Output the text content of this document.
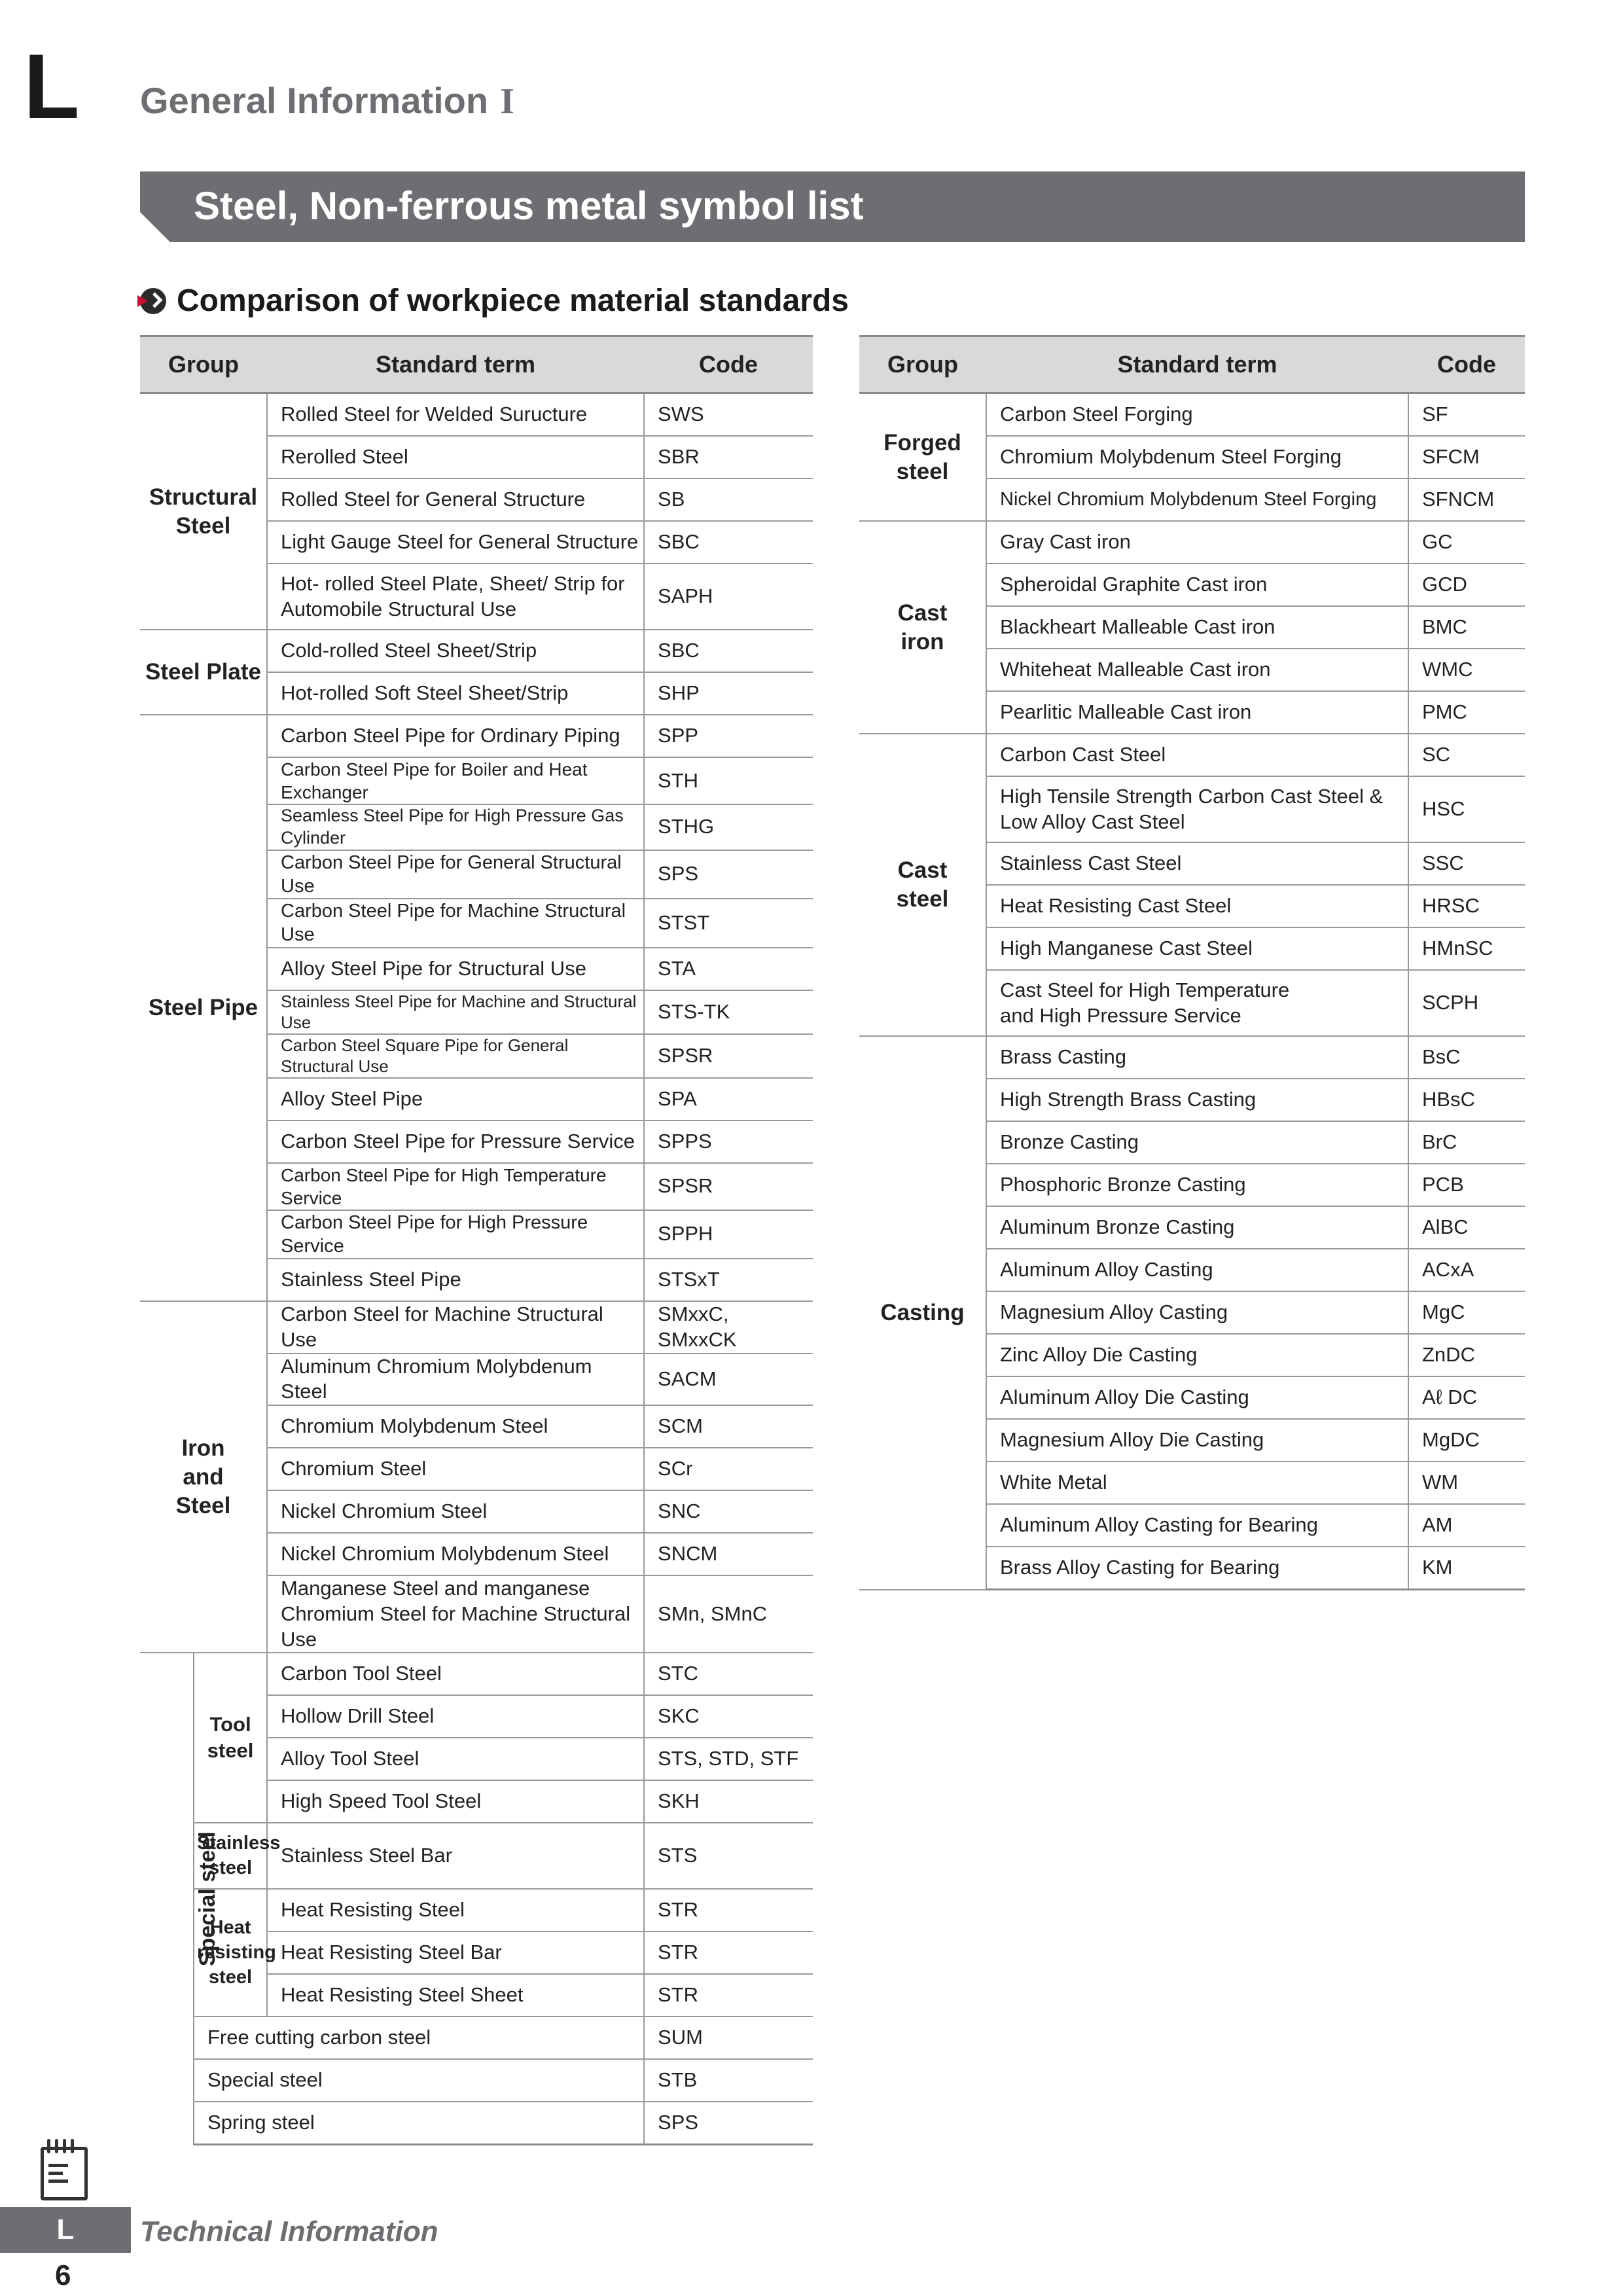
L General Information I
Steel, Non-ferrous metal symbol list
Comparison of workpiece material standards
Group		Standard term	Code
Structural Steel		Rolled Steel for Welded Suructure	SWS
		Rerolled Steel	SBR
		Rolled Steel for General Structure	SB
		Light Gauge Steel for General Structure	SBC
		Hot- rolled Steel Plate, Sheet/ Strip for Automobile Structural Use	SAPH
Steel Plate		Cold-rolled Steel Sheet/Strip	SBC
		Hot-rolled Soft Steel Sheet/Strip	SHP
Steel Pipe		Carbon Steel Pipe for Ordinary Piping	SPP
		Carbon Steel Pipe for Boiler and Heat Exchanger	STH
		Seamless Steel Pipe for High Pressure Gas Cylinder	STHG
		Carbon Steel Pipe for General Structural Use	SPS
		Carbon Steel Pipe for Machine Structural Use	STST
		Alloy Steel Pipe for Structural Use	STA
		Stainless Steel Pipe for Machine and Structural Use	STS-TK
		Carbon Steel Square Pipe for General Structural Use	SPSR
		Alloy Steel Pipe	SPA
		Carbon Steel Pipe for Pressure Service	SPPS
		Carbon Steel Pipe for High Temperature Service	SPSR
		Carbon Steel Pipe for High Pressure Service	SPPH
		Stainless Steel Pipe	STSxT
Iron and Steel		Carbon Steel for Machine Structural Use	SMxxC, SMxxCK
		Aluminum Chromium Molybdenum Steel	SACM
		Chromium Molybdenum Steel	SCM
		Chromium Steel	SCr
		Nickel Chromium Steel	SNC
		Nickel Chromium Molybdenum Steel	SNCM
		Manganese Steel and manganese Chromium Steel for Machine Structural Use	SMn, SMnC
Special steel	Tool steel	Carbon Tool Steel	STC
		Hollow Drill Steel	SKC
		Alloy Tool Steel	STS, STD, STF
		High Speed Tool Steel	SKH
	Stainless steel	Stainless Steel Bar	STS
	Heat resisting steel	Heat Resisting Steel	STR
		Heat Resisting Steel Bar	STR
		Heat Resisting Steel Sheet	STR
	Free cutting carbon steel		SUM
	Special steel		STB
	Spring steel		SPS
Group	Standard term	Code
Forged steel	Carbon Steel Forging	SF
	Chromium Molybdenum Steel Forging	SFCM
	Nickel Chromium Molybdenum Steel Forging	SFNCM
Cast iron	Gray Cast iron	GC
	Spheroidal Graphite Cast iron	GCD
	Blackheart Malleable Cast iron	BMC
	Whiteheat Malleable Cast iron	WMC
	Pearlitic Malleable Cast iron	PMC
Cast steel	Carbon Cast Steel	SC
	High Tensile Strength Carbon Cast Steel & Low Alloy Cast Steel	HSC
	Stainless Cast Steel	SSC
	Heat Resisting Cast Steel	HRSC
	High Manganese Cast Steel	HMnSC
	Cast Steel for High Temperature and High Pressure Service	SCPH
Casting	Brass Casting	BsC
	High Strength Brass Casting	HBsC
	Bronze Casting	BrC
	Phosphoric Bronze Casting	PCB
	Aluminum Bronze Casting	AlBC
	Aluminum Alloy Casting	ACxA
	Magnesium Alloy Casting	MgC
	Zinc Alloy Die Casting	ZnDC
	Aluminum Alloy Die Casting	Aℓ DC
	Magnesium Alloy Die Casting	MgDC
	White Metal	WM
	Aluminum Alloy Casting for Bearing	AM
	Brass Alloy Casting for Bearing	KM
L	Technical Information
6
